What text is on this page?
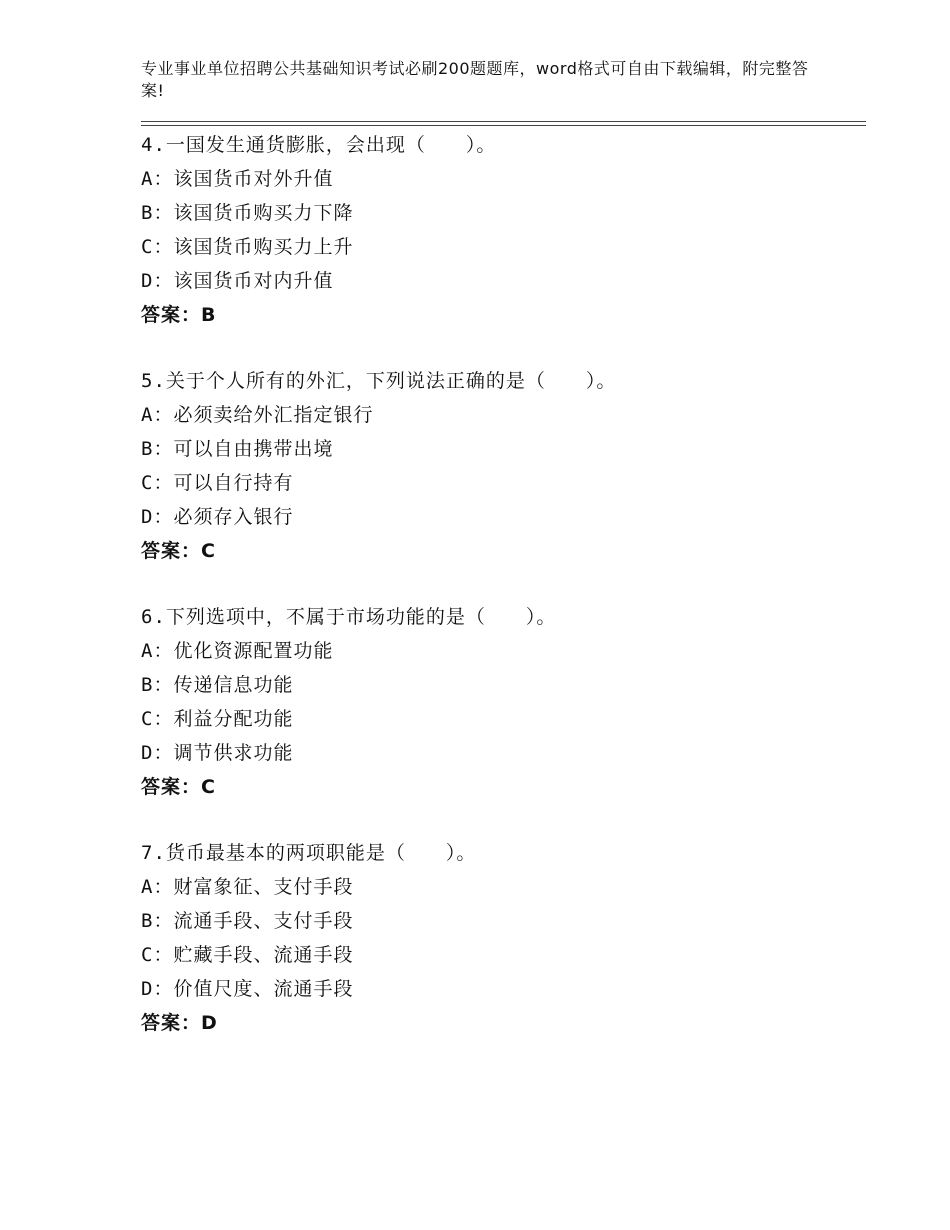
专业事业单位招聘公共基础知识考试必刷200题题库，word格式可自由下载编辑，附完整答案!
4.一国发生通货膨胀，会出现（　　）。
A：该国货币对外升值
B：该国货币购买力下降
C：该国货币购买力上升
D：该国货币对内升值
答案：B
5.关于个人所有的外汇，下列说法正确的是（　　）。
A：必须卖给外汇指定银行
B：可以自由携带出境
C：可以自行持有
D：必须存入银行
答案：C
6.下列选项中，不属于市场功能的是（　　）。
A：优化资源配置功能
B：传递信息功能
C：利益分配功能
D：调节供求功能
答案：C
7.货币最基本的两项职能是（　　）。
A：财富象征、支付手段
B：流通手段、支付手段
C：贮藏手段、流通手段
D：价值尺度、流通手段
答案：D
